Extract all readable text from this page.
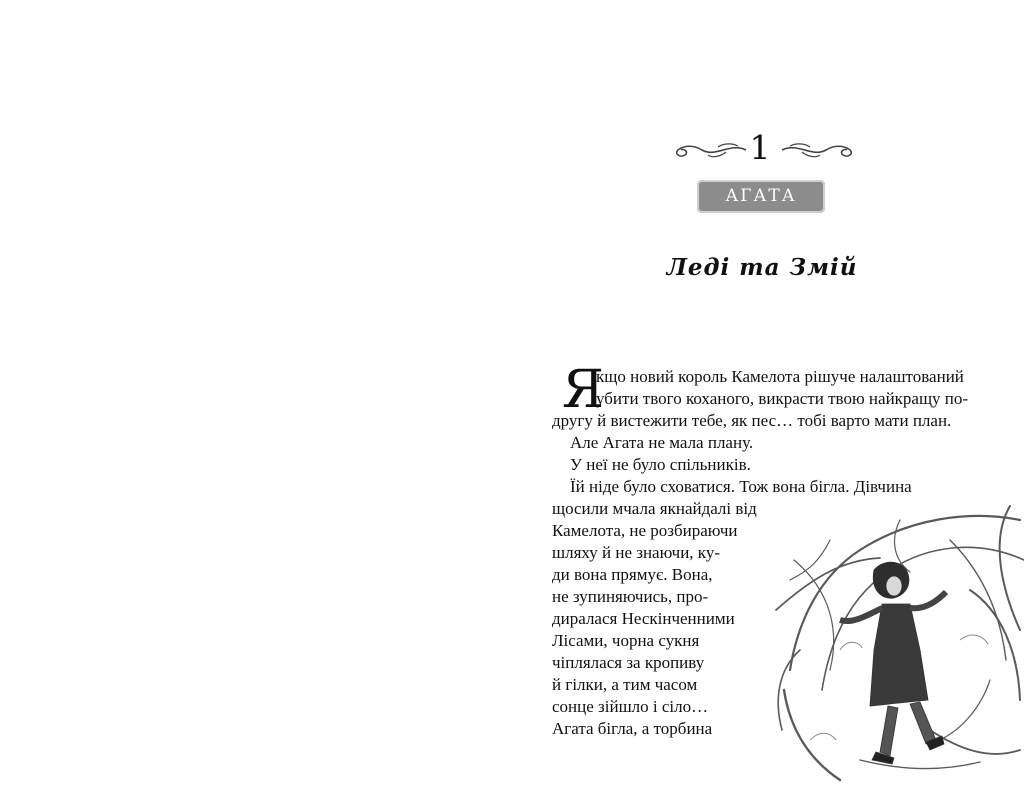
1
АГАТА
Леді та Змій
Я
кщо новий король Камелота рішуче налаштований
убити твого коханого, викрасти твою найкращу по-
другу й вистежити тебе, як пес… тобі варто мати план.
Але Агата не мала плану.
У неї не було спільників.
Їй ніде було сховатися. Тож вона бігла. Дівчина
щосили мчала якнайдалі від
Камелота, не розбираючи
шляху й не знаючи, ку-
ди вона прямує. Вона,
не зупиняючись, про-
диралася Нескінченними
Лісами, чорна сукня
чіплялася за кропиву
й гілки, а тим часом
сонце зійшло і сіло…
Агата бігла, а торбина
